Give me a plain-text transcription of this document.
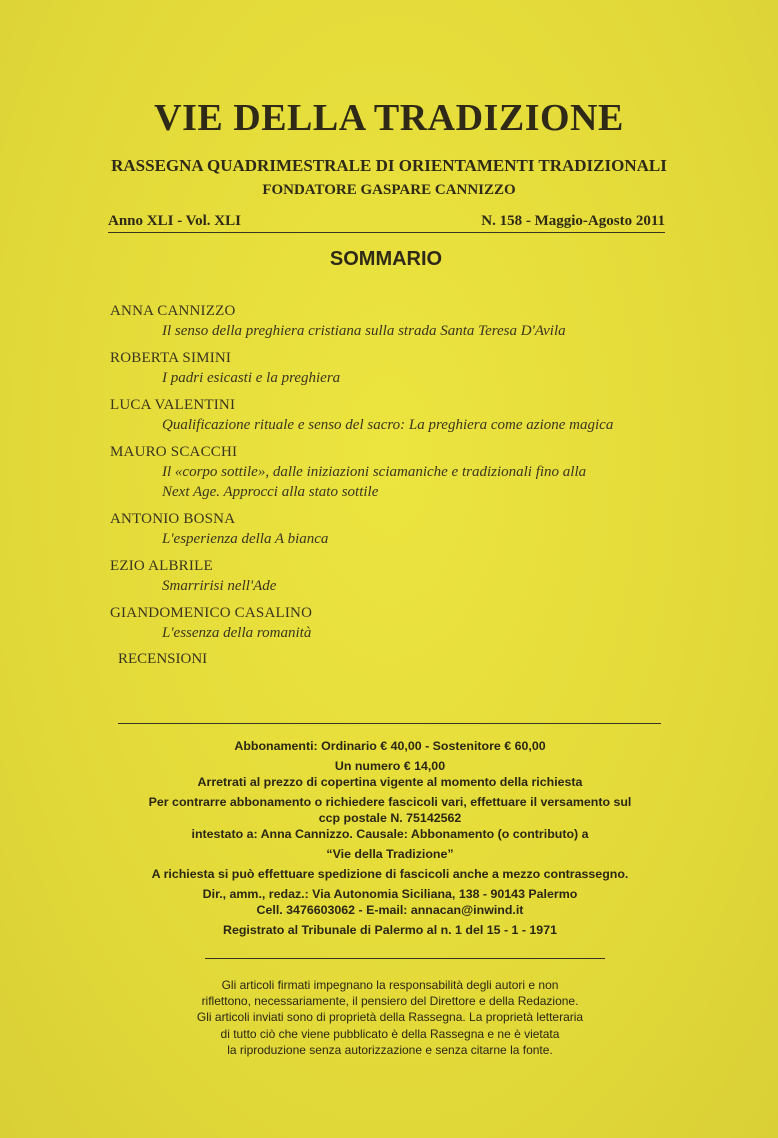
VIE DELLA TRADIZIONE
RASSEGNA QUADRIMESTRALE DI ORIENTAMENTI TRADIZIONALI
FONDATORE GASPARE CANNIZZO
Anno XLI - Vol. XLI	N. 158 - Maggio-Agosto 2011
SOMMARIO
ANNA CANNIZZO
Il senso della preghiera cristiana sulla strada Santa Teresa D'Avila
ROBERTA SIMINI
I padri esicasti e la preghiera
LUCA VALENTINI
Qualificazione rituale e senso del sacro: La preghiera come azione magica
MAURO SCACCHI
Il «corpo sottile», dalle iniziazioni sciamaniche e tradizionali fino alla
Next Age. Approcci alla stato sottile
ANTONIO BOSNA
L'esperienza della A bianca
EZIO ALBRILE
Smarririsi nell'Ade
GIANDOMENICO CASALINO
L'essenza della romanità
RECENSIONI
Abbonamenti: Ordinario € 40,00 - Sostenitore € 60,00
Un numero € 14,00
Arretrati al prezzo di copertina vigente al momento della richiesta
Per contrarre abbonamento o richiedere fascicoli vari, effettuare il versamento sul
ccp postale N. 75142562
intestato a: Anna Cannizzo. Causale: Abbonamento (o contributo) a
“Vie della Tradizione”
A richiesta si può effettuare spedizione di fascicoli anche a mezzo contrassegno.
Dir., amm., redaz.: Via Autonomia Siciliana, 138 - 90143 Palermo
Cell. 3476603062 - E-mail: annacan@inwind.it
Registrato al Tribunale di Palermo al n. 1 del 15 - 1 - 1971
Gli articoli firmati impegnano la responsabilità degli autori e non
riflettono, necessariamente, il pensiero del Direttore e della Redazione.
Gli articoli inviati sono di proprietà della Rassegna. La proprietà letteraria
di tutto ciò che viene pubblicato è della Rassegna e ne è vietata
la riproduzione senza autorizzazione e senza citarne la fonte.
